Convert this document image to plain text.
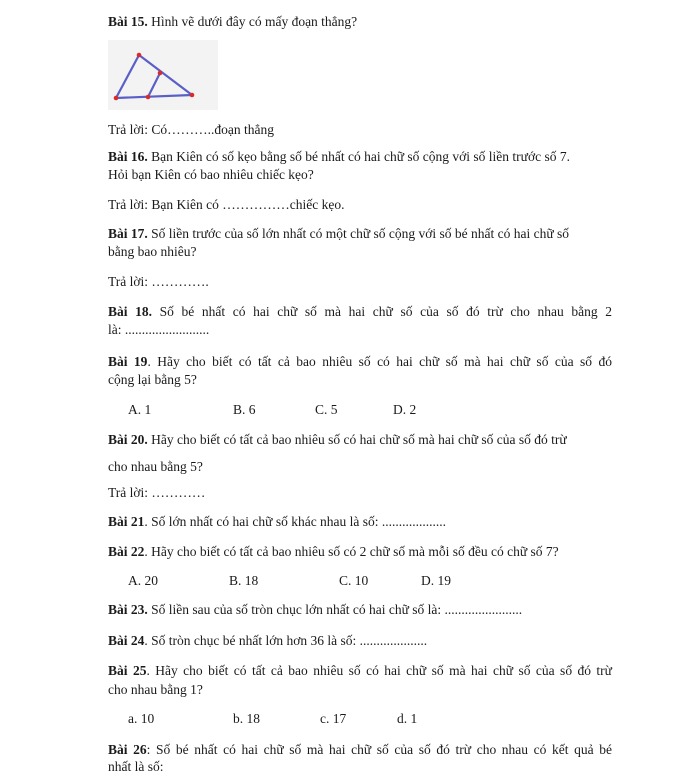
Bài 15. Hình vẽ dưới đây có mấy đoạn thẳng?
Trả lời: Có………..đoạn thẳng
Bài 16. Bạn Kiên có số kẹo bằng số bé nhất có hai chữ số cộng với số liền trước số 7.
Hỏi bạn Kiên có bao nhiêu chiếc kẹo?
Trả lời: Bạn Kiên có ……………chiếc kẹo.
Bài 17. Số liền trước của số lớn nhất có một chữ số cộng với số bé nhất có hai chữ số
bằng bao nhiêu?
Trả lời: ………….
Bài 18. Số bé nhất có hai chữ số mà hai chữ số của số đó trừ cho nhau bằng 2
là: .........................
Bài 19. Hãy cho biết có tất cả bao nhiêu số có hai chữ số mà hai chữ số của số đó
cộng lại bằng 5?
A. 1	B. 6	C. 5	D. 2
Bài 20. Hãy cho biết có tất cả bao nhiêu số có hai chữ số mà hai chữ số của số đó trừ
cho nhau bằng 5?
Trả lời: …………
Bài 21. Số lớn nhất có hai chữ số khác nhau là số: ...................
Bài 22. Hãy cho biết có tất cả bao nhiêu số có 2 chữ số mà mỗi số đều có chữ số 7?
A. 20	B. 18	C. 10	D. 19
Bài 23. Số liền sau của số tròn chục lớn nhất có hai chữ số là: .......................
Bài 24. Số tròn chục bé nhất lớn hơn 36 là số: ....................
Bài 25. Hãy cho biết có tất cả bao nhiêu số có hai chữ số mà hai chữ số của số đó trừ
cho nhau bằng 1?
a. 10	b. 18	c. 17	d. 1
Bài 26: Số bé nhất có hai chữ số mà hai chữ số của số đó trừ cho nhau có kết quả bé
nhất là số:
